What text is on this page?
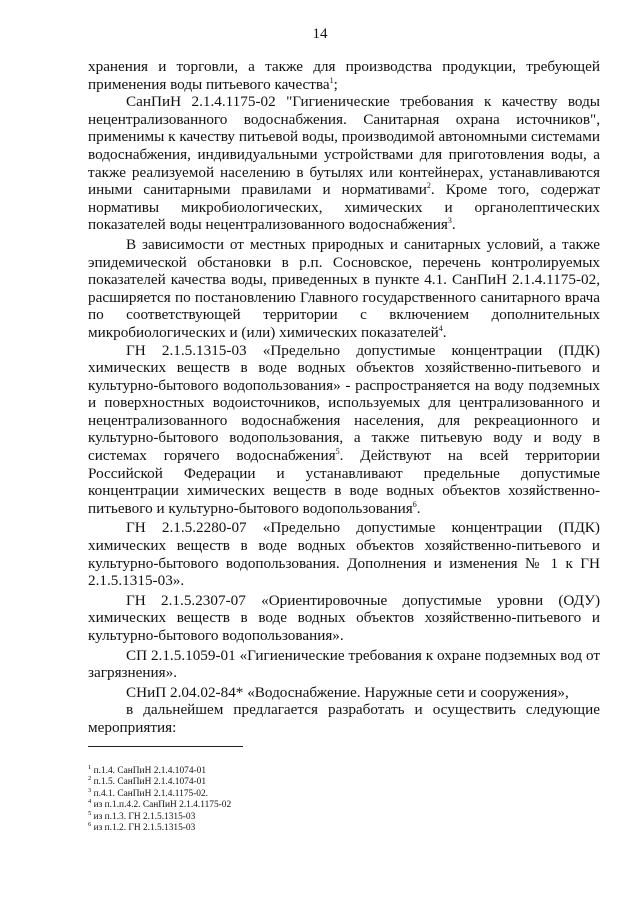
14

хранения и торговли, а также для производства продукции, требующей применения воды питьевого качества$^1$;

СанПиН 2.1.4.1175-02 "Гигиенические требования к качеству воды нецентрализованного водоснабжения. Санитарная охрана источников", применимы к качеству питьевой воды, производимой автономными системами водоснабжения, индивидуальными устройствами для приготовления воды, а также реализуемой населению в бутылях или контейнерах, устанавливаются иными санитарными правилами и нормативами$^2$. Кроме того, содержат нормативы микробиологических, химических и органолептических показателей воды нецентрализованного водоснабжения$^3$.

В зависимости от местных природных и санитарных условий, а также эпидемической обстановки в р.п. Сосновское, перечень контролируемых показателей качества воды, приведенных в пункте 4.1. СанПиН 2.1.4.1175-02, расширяется по постановлению Главного государственного санитарного врача по соответствующей территории с включением дополнительных микробиологических и (или) химических показателей$^4$.

ГН 2.1.5.1315-03 «Предельно допустимые концентрации (ПДК) химических веществ в воде водных объектов хозяйственно-питьевого и культурно-бытового водопользования» - распространяется на воду подземных и поверхностных водоисточников, используемых для централизованного и нецентрализованного водоснабжения населения, для рекреационного и культурно-бытового водопользования, а также питьевую воду и воду в системах горячего водоснабжения$^5$. Действуют на всей территории Российской Федерации и устанавливают предельные допустимые концентрации химических веществ в воде водных объектов хозяйственно-питьевого и культурно-бытового водопользования$^6$.

ГН 2.1.5.2280-07 «Предельно допустимые концентрации (ПДК) химических веществ в воде водных объектов хозяйственно-питьевого и культурно-бытового водопользования. Дополнения и изменения № 1 к ГН 2.1.5.1315-03».

ГН 2.1.5.2307-07 «Ориентировочные допустимые уровни (ОДУ) химических веществ в воде водных объектов хозяйственно-питьевого и культурно-бытового водопользования».

СП 2.1.5.1059-01 «Гигиенические требования к охране подземных вод от загрязнения».

СНиП 2.04.02-84* «Водоснабжение. Наружные сети и сооружения»,

в дальнейшем предлагается разработать и осуществить следующие мероприятия:

$^1$ п.1.4. СанПиН 2.1.4.1074-01
$^2$ п.1.5. СанПиН 2.1.4.1074-01
$^3$ п.4.1. СанПиН 2.1.4.1175-02.
$^4$ из п.1.п.4.2. СанПиН 2.1.4.1175-02
$^5$ из п.1.3. ГН 2.1.5.1315-03
$^6$ из п.1.2. ГН 2.1.5.1315-03
